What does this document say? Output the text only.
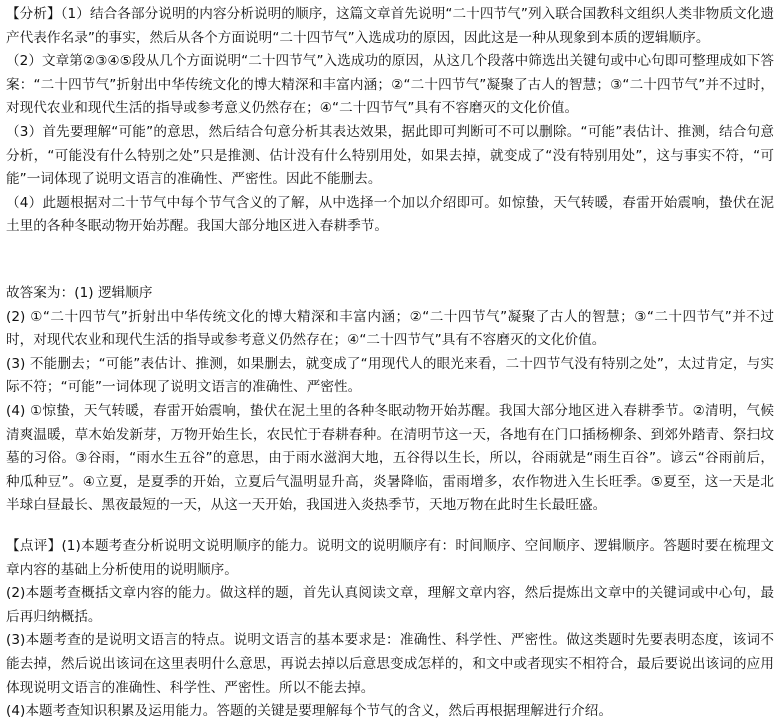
【分析】（1）结合各部分说明的内容分析说明的顺序，这篇文章首先说明“二十四节气”列入联合国教科文组织人类非物质文化遗产代表作名录”的事实，然后从各个方面说明“二十四节气”入选成功的原因，因此这是一种从现象到本质的逻辑顺序。

（2）文章第②③④⑤段从几个方面说明“二十四节气”入选成功的原因，从这几个段落中筛选出关键句或中心句即可整理成如下答案：“二十四节气”折射出中华传统文化的博大精深和丰富内涵；②“二十四节气”凝聚了古人的智慧；③“二十四节气”并不过时，对现代农业和现代生活的指导或参考意义仍然存在；④“二十四节气”具有不容磨灭的文化价值。

（3）首先要理解“可能”的意思，然后结合句意分析其表达效果，据此即可判断可不可以删除。“可能”表估计、推测，结合句意分析，“可能没有什么特别之处”只是推测、估计没有什么特别用处，如果去掉，就变成了“没有特别用处”，这与事实不符，“可能”一词体现了说明文语言的准确性、严密性。因此不能删去。

（4）此题根据对二十节气中每个节气含义的了解，从中选择一个加以介绍即可。如惊蛰，天气转暖，春雷开始震响，蛰伏在泥土里的各种冬眠动物开始苏醒。我国大部分地区进入春耕季节。

故答案为：(1) 逻辑顺序

(2) ①“二十四节气”折射出中华传统文化的博大精深和丰富内涵；②“二十四节气”凝聚了古人的智慧；③“二十四节气”并不过时，对现代农业和现代生活的指导或参考意义仍然存在；④“二十四节气”具有不容磨灭的文化价值。

(3) 不能删去；“可能”表估计、推测，如果删去，就变成了“用现代人的眼光来看，二十四节气没有特别之处”，太过肯定，与实际不符；“可能”一词体现了说明文语言的准确性、严密性。

(4) ①惊蛰，天气转暖，春雷开始震响，蛰伏在泥土里的各种冬眠动物开始苏醒。我国大部分地区进入春耕季节。②清明，气候清爽温暖，草木始发新芽，万物开始生长，农民忙于春耕春种。在清明节这一天，各地有在门口插杨柳条、到郊外踏青、祭扫坟墓的习俗。③谷雨，“雨水生五谷”的意思，由于雨水滋润大地，五谷得以生长，所以，谷雨就是“雨生百谷”。谚云“谷雨前后，种瓜种豆”。④立夏，是夏季的开始，立夏后气温明显升高，炎暑降临，雷雨增多，农作物进入生长旺季。⑤夏至，这一天是北半球白昼最长、黑夜最短的一天，从这一天开始，我国进入炎热季节，天地万物在此时生长最旺盛。

【点评】(1)本题考查分析说明文说明顺序的能力。说明文的说明顺序有：时间顺序、空间顺序、逻辑顺序。答题时要在梳理文章内容的基础上分析使用的说明顺序。

(2)本题考查概括文章内容的能力。做这样的题，首先认真阅读文章，理解文章内容，然后提炼出文章中的关键词或中心句，最后再归纳概括。

(3)本题考查的是说明文语言的特点。说明文语言的基本要求是：准确性、科学性、严密性。做这类题时先要表明态度，该词不能去掉，然后说出该词在这里表明什么意思，再说去掉以后意思变成怎样的，和文中或者现实不相符合，最后要说出该词的应用体现说明文语言的准确性、科学性、严密性。所以不能去掉。

(4)本题考查知识积累及运用能力。答题的关键是要理解每个节气的含义，然后再根据理解进行介绍。
